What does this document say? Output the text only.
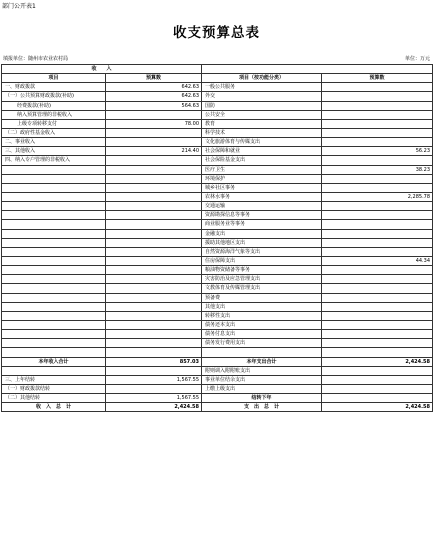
部门公开表1
收支预算总表
填报单位：随州市农业农村局	单位：万元
收　　入			
项目	预算数	项目（按功能分类）	预算数
一、财政拨款	642.63	一般公共服务	
（一）公共预算财政拨款(补助)	642.63	外交	
经费拨款(补助)	564.63	国防	
纳入预算管理的非税收入		公共安全	
上级专项转移支付	78.00	教育	
（二）政府性基金收入		科学技术	
二、事业收入		文化旅游体育与传媒支出	
三、其他收入	214.40	社会保障和就业	56.23
四、纳入专户管理的非税收入		社会保险基金支出	
		医疗卫生	38.23
		环境保护	
		城乡社区事务	
		农林水事务	2,285.78
		交通运输	
		资源勘探信息等事务	
		商业服务业等事务	
		金融支出	
		援助其他地区支出	
		自然资源海洋气象等支出	
		住房保障支出	44.34
		粮油物资储备等事务	
		灾害防治及应急管理支出	
		文教体育及传媒管理支出	
		预备费	
		其他支出	
		转移性支出	
		债务还本支出	
		债务付息支出	
		债务发行费用支出	

本年收入合计	857.03	本年支出合计	2,424.58
		附则调入附附账支出	
三、上年结转	1,567.55	事业单位结余支出	
（一）财政拨款结转		上缴上级支出	
（二）其他结转	1,567.55	结转下年	
收　入　总　计	2,424.58	支　出　总　计	2,424.58
